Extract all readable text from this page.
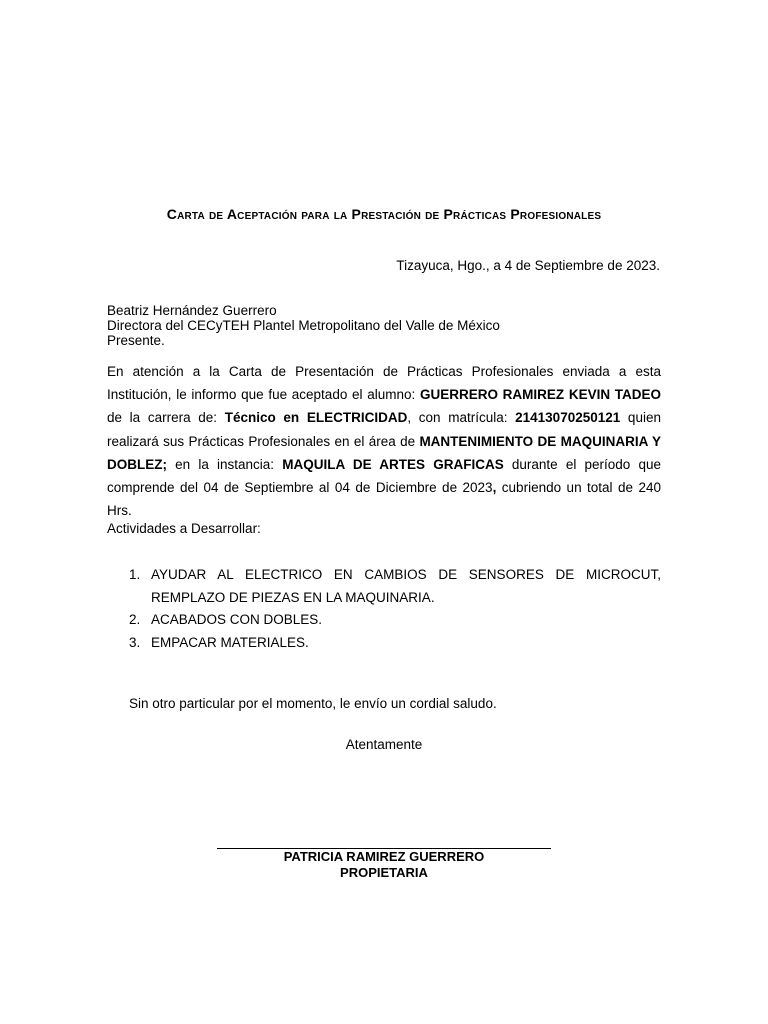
Carta de Aceptación para la Prestación de Prácticas Profesionales
Tizayuca, Hgo., a 4 de Septiembre de 2023.
Beatriz Hernández Guerrero
Directora del CECyTEH Plantel Metropolitano del Valle de México
Presente.
En atención a la Carta de Presentación de Prácticas Profesionales enviada a esta Institución, le informo que fue aceptado el alumno: GUERRERO RAMIREZ KEVIN TADEO de la carrera de: Técnico en ELECTRICIDAD, con matrícula: 21413070250121 quien realizará sus Prácticas Profesionales en el área de MANTENIMIENTO DE MAQUINARIA Y DOBLEZ; en la instancia: MAQUILA DE ARTES GRAFICAS durante el período que comprende del 04 de Septiembre al 04 de Diciembre de 2023, cubriendo un total de 240 Hrs.
Actividades a Desarrollar:
1. AYUDAR AL ELECTRICO EN CAMBIOS DE SENSORES DE MICROCUT, REMPLAZO DE PIEZAS EN LA MAQUINARIA.
2. ACABADOS CON DOBLES.
3. EMPACAR MATERIALES.
Sin otro particular por el momento, le envío un cordial saludo.
Atentamente
PATRICIA RAMIREZ GUERRERO
PROPIETARIA
